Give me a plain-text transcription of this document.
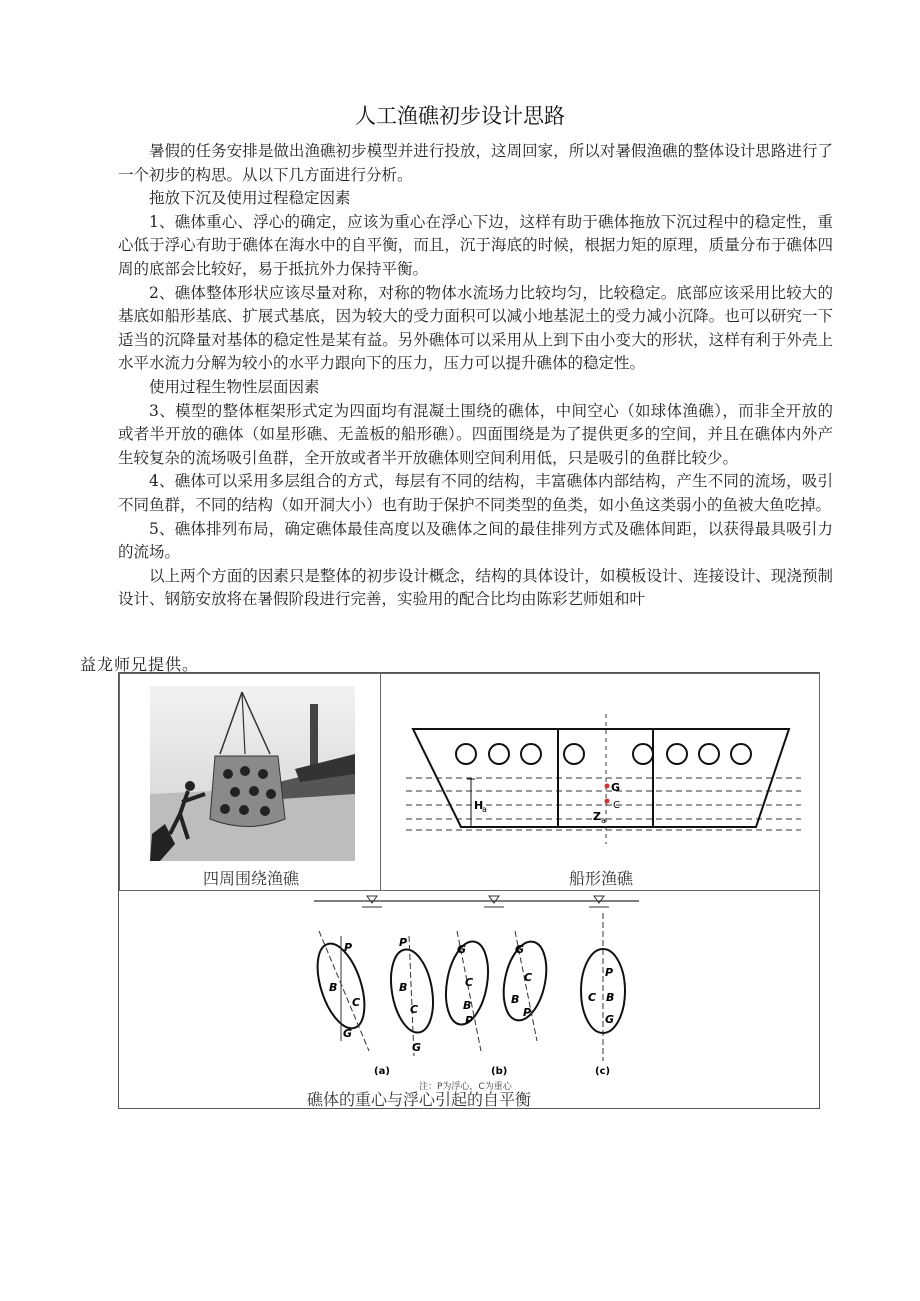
人工渔礁初步设计思路

暑假的任务安排是做出渔礁初步模型并进行投放，这周回家，所以对暑假渔礁的整体设计思路进行了一个初步的构思。从以下几方面进行分析。

拖放下沉及使用过程稳定因素

1、礁体重心、浮心的确定，应该为重心在浮心下边，这样有助于礁体拖放下沉过程中的稳定性，重心低于浮心有助于礁体在海水中的自平衡，而且，沉于海底的时候，根据力矩的原理，质量分布于礁体四周的底部会比较好，易于抵抗外力保持平衡。

2、礁体整体形状应该尽量对称，对称的物体水流场力比较均匀，比较稳定。底部应该采用比较大的基底如船形基底、扩展式基底，因为较大的受力面积可以减小地基泥土的受力减小沉降。也可以研究一下适当的沉降量对基体的稳定性是某有益。另外礁体可以采用从上到下由小变大的形状，这样有利于外壳上水平水流力分解为较小的水平力跟向下的压力，压力可以提升礁体的稳定性。

使用过程生物性层面因素

3、模型的整体框架形式定为四面均有混凝土围绕的礁体，中间空心（如球体渔礁），而非全开放的或者半开放的礁体（如星形礁、无盖板的船形礁）。四面围绕是为了提供更多的空间，并且在礁体内外产生较复杂的流场吸引鱼群，全开放或者半开放礁体则空间利用低，只是吸引的鱼群比较少。

4、礁体可以采用多层组合的方式，每层有不同的结构，丰富礁体内部结构，产生不同的流场，吸引不同鱼群，不同的结构（如开洞大小）也有助于保护不同类型的鱼类，如小鱼这类弱小的鱼被大鱼吃掉。

5、礁体排列布局，确定礁体最佳高度以及礁体之间的最佳排列方式及礁体间距，以获得最具吸引力的流场。

以上两个方面的因素只是整体的初步设计概念，结构的具体设计，如模板设计、连接设计、现浇预制设计、钢筋安放将在暑假阶段进行完善，实验用的配合比均由陈彩艺师姐和叶

益龙师兄提供。
四周围绕渔礁
H
a
G
C
Z a
船形渔礁
P
B
C
G
P
B
C
G
(a)
G
C
B
P
G
C
B
P
(b)
P
C B
G
(c)
注：P为浮心，C为重心
礁体的重心与浮心引起的自平衡
